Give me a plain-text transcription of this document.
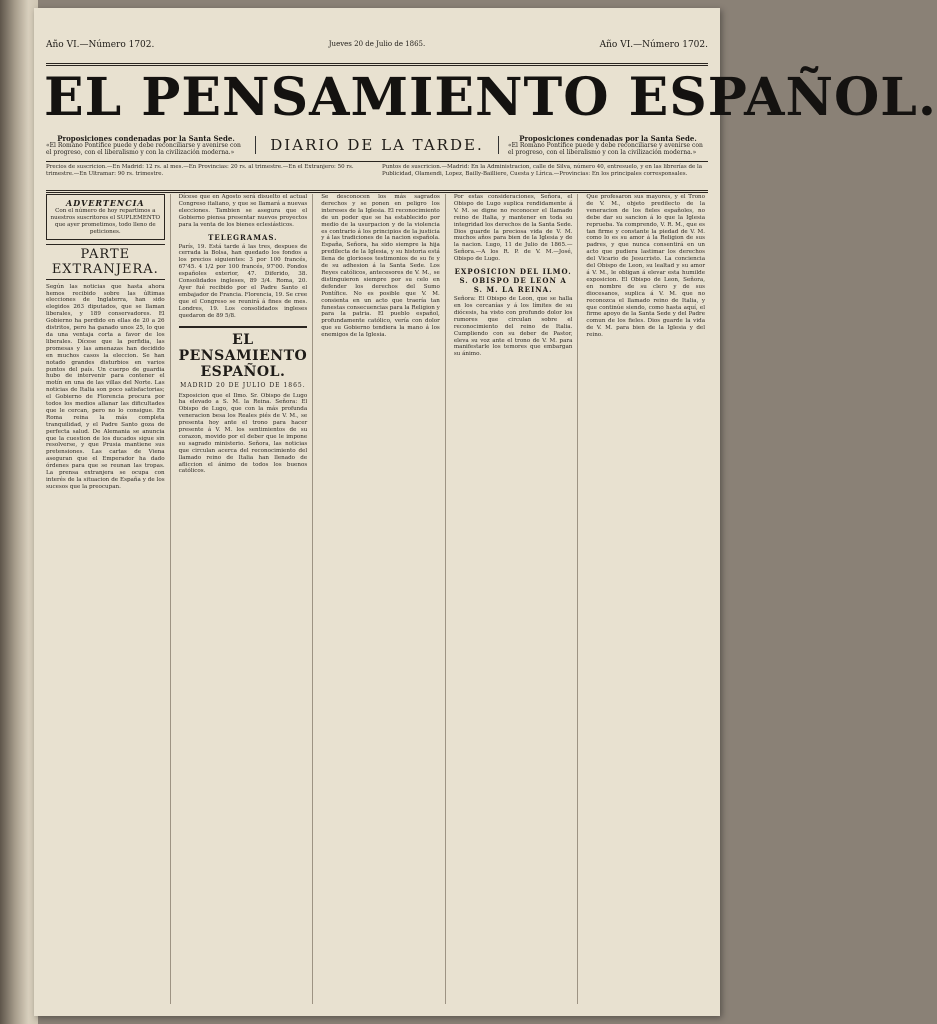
Año VI.—Número 1702.	Jueves 20 de Julio de 1865.	Año VI.—Número 1702.
EL PENSAMIENTO ESPAÑOL.
Proposiciones condenadas por la Santa Sede.
«El Romano Pontífice puede y debe reconciliarse y avenirse con el progreso, con el liberalismo y con la civilización moderna.»	DIARIO DE LA TARDE.	Proposiciones condenadas por la Santa Sede.
«El Romano Pontífice puede y debe reconciliarse y avenirse con el progreso, con el liberalismo y con la civilización moderna.»
Precios de suscricion.—En Madrid: 12 rs. al mes.—En Provincias: 20 rs. al trimestre.—En el Extranjero: 50 rs. trimestre.—En Ultramar: 90 rs. trimestre.
Puntos de suscricion.—Madrid: En la Administracion, calle de Silva, número 40, entresuelo, y en las librerías de la Publicidad, Olamendi, Lopez, Bailly-Bailliere, Cuesta y Lírica.—Provincias: En los principales corresponsales.
ADVERTENCIA
Con el número de hoy repartimos a nuestros suscritores el SUPLEMENTO que ayer prometimos, todo lleno de peticiones.
PARTE EXTRANJERA.
Según las noticias que hasta ahora hemos recibido sobre las últimas elecciones de Inglaterra, han sido elegidos 263 diputados, que se llaman liberales, y 189 conservadores. El Gobierno ha perdido en ellas de 20 a 26 distritos, pero ha ganado unos 25, lo que da una ventaja corta a favor de los liberales. Dícese que la perfidia, las promesas y las amenazas han decidido en muchos casos la eleccion. Se han notado grandes disturbios en varios puntos del país. Un cuerpo de guardia hubo de intervenir para contener el motín en una de las villas del Norte. Las noticias de Italia son poco satisfactorias; el Gobierno de Florencia procura por todos los medios allanar las dificultades que le cercan, pero no lo consigue. En Roma reina la más completa tranquilidad, y el Padre Santo goza de perfecta salud. De Alemania se anuncia que la cuestion de los ducados sigue sin resolverse, y que Prusia mantiene sus pretensiones. Las cartas de Viena aseguran que el Emperador ha dado órdenes para que se reunan las tropas. La prensa extranjera se ocupa con interés de la situacion de España y de los sucesos que la preocupan.
Dícese que en Agosto será disuelto el actual Congreso italiano, y que se llamará a nuevas elecciones. Tambien se asegura que el Gobierno piensa presentar nuevos proyectos para la venta de los bienes eclesiásticos.
TELEGRAMAS.
París, 19. Está tarde á las tres, despues de cerrada la Bolsa, han quedado los fondos a los precios siguientes: 3 por 100 francés, 67'45. 4 1/2 por 100 francés, 97'00. Fondos españoles exterior, 47. Diferido, 38. Consolidados ingleses, 89 3/4. Roma, 20. Ayer fué recibido por el Padre Santo el embajador de Francia. Florencia, 19. Se cree que el Congreso se reunirá á fines de mes. Londres, 19. Los consolidados ingleses quedaron de 89 5/8.
EL PENSAMIENTO ESPAÑOL.
MADRID 20 DE JULIO DE 1865.
Exposicion que el Ilmo. Sr. Obispo de Lugo ha elevado a S. M. la Reina. Señora: El Obispo de Lugo, que con la más profunda veneracion besa los Reales piés de V. M., se presenta hoy ante el trono para hacer presente á V. M. los sentimientos de su corazon, movido por el deber que le impone su sagrado ministerio. Señora, las noticias que circulan acerca del reconocimiento del llamado reino de Italia han llenado de afliccion el ánimo de todos los buenos católicos.
Se desconocen los más sagrados derechos y se ponen en peligro los intereses de la Iglesia. El reconocimiento de un poder que se ha establecido por medio de la usurpacion y de la violencia es contrario á los principios de la justicia y á las tradiciones de la nacion española. España, Señora, ha sido siempre la hija predilecta de la Iglesia, y su historia está llena de gloriosos testimonios de su fe y de su adhesion á la Santa Sede. Los Reyes católicos, antecesores de V. M., se distinguieron siempre por su celo en defender los derechos del Sumo Pontífice. No es posible que V. M. consienta en un acto que traería tan funestas consecuencias para la Religion y para la patria. El pueblo español, profundamente católico, vería con dolor que su Gobierno tendiera la mano á los enemigos de la Iglesia.
Por estas consideraciones, Señora, el Obispo de Lugo suplica rendidamente á V. M. se digne no reconocer el llamado reino de Italia, y mantener en toda su integridad los derechos de la Santa Sede. Dios guarde la preciosa vida de V. M. muchos años para bien de la Iglesia y de la nacion. Lugo, 11 de Julio de 1865.—Señora.—A los R. P. de V. M.—José, Obispo de Lugo.
EXPOSICION DEL ILMO. S. OBISPO DE LEON A S. M. LA REINA.
Señora: El Obispo de Leon, que se halla en los cercanías y á los límites de su diócesis, ha visto con profundo dolor los rumores que circulan sobre el reconocimiento del reino de Italia. Cumpliendo con su deber de Pastor, eleva su voz ante el trono de V. M. para manifestarle los temores que embargan su ánimo.
Que profesaron sus mayores, y el Trono de V. M., objeto predilecto de la veneracion de los fieles españoles, no debe dar su sancion á lo que la Iglesia reprueba. Ya comprendo, V. R. M., que es tan firme y constante la piedad de V. M. como lo es su amor á la Religion de sus padres, y que nunca consentirá en un acto que pudiera lastimar los derechos del Vicario de Jesucristo. La conciencia del Obispo de Leon, su lealtad y su amor á V. M., le obligan á elevar esta humilde exposicion. El Obispo de Leon, Señora, en nombre de su clero y de sus diocesanos, suplica á V. M. que no reconozca el llamado reino de Italia, y que continúe siendo, como hasta aquí, el firme apoyo de la Santa Sede y del Padre comun de los fieles. Dios guarde la vida de V. M. para bien de la Iglesia y del reino.
